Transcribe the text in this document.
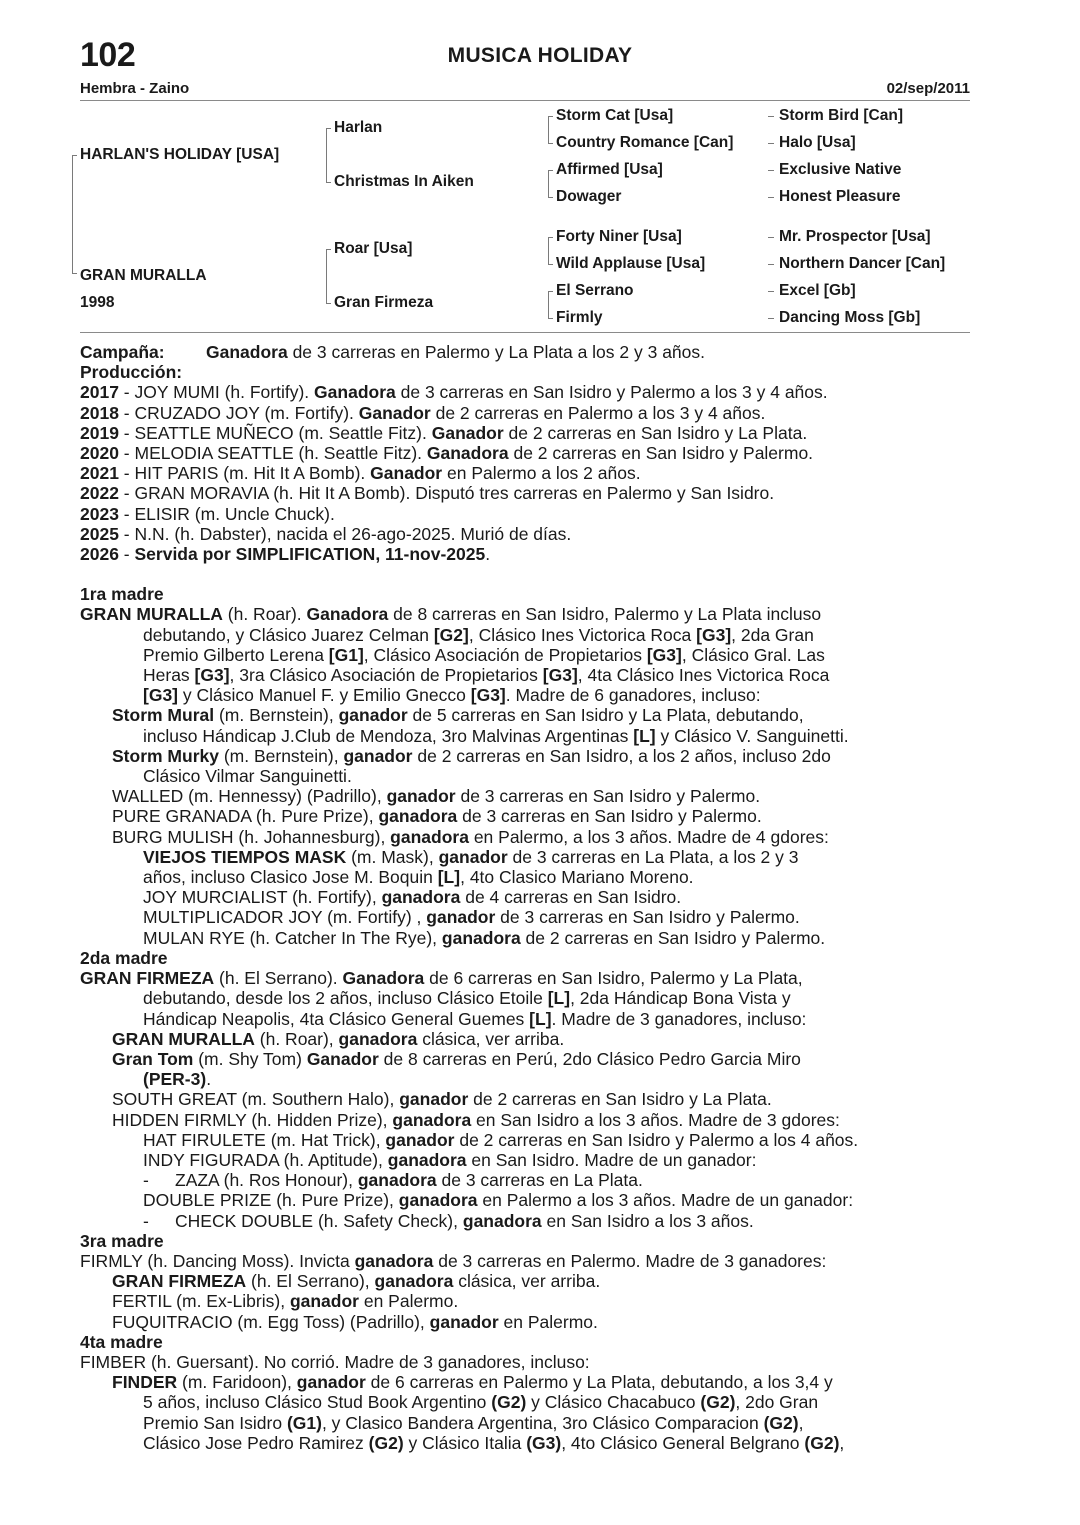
102	MUSICA HOLIDAY
Hembra - Zaino	02/sep/2011
HARLAN'S HOLIDAY [USA]
GRAN MURALLA
1998
Harlan
Christmas In Aiken
Roar [Usa]
Gran Firmeza
Storm Cat [Usa]
Country Romance [Can]
Affirmed [Usa]
Dowager
Forty Niner [Usa]
Wild Applause [Usa]
El Serrano
Firmly
Storm Bird [Can]
Halo [Usa]
Exclusive Native
Honest Pleasure
Mr. Prospector [Usa]
Northern Dancer [Can]
Excel [Gb]
Dancing Moss [Gb]
Campaña: Ganadora de 3 carreras en Palermo y La Plata a los 2 y 3 años.
Producción:
2017 - JOY MUMI (h. Fortify). Ganadora de 3 carreras en San Isidro y Palermo a los 3 y 4 años.
2018 - CRUZADO JOY (m. Fortify). Ganador de 2 carreras en Palermo a los 3 y 4 años.
2019 - SEATTLE MUÑECO (m. Seattle Fitz). Ganador de 2 carreras en San Isidro y La Plata.
2020 - MELODIA SEATTLE (h. Seattle Fitz). Ganadora de 2 carreras en San Isidro y Palermo.
2021 - HIT PARIS (m. Hit It A Bomb). Ganador en Palermo a los 2 años.
2022 - GRAN MORAVIA (h. Hit It A Bomb). Disputó tres carreras en Palermo y San Isidro.
2023 - ELISIR (m. Uncle Chuck).
2025 - N.N. (h. Dabster), nacida el 26-ago-2025. Murió de días.
2026 - Servida por SIMPLIFICATION, 11-nov-2025.
1ra madre
GRAN MURALLA (h. Roar). Ganadora de 8 carreras en San Isidro, Palermo y La Plata incluso
debutando, y Clásico Juarez Celman [G2], Clásico Ines Victorica Roca [G3], 2da Gran
Premio Gilberto Lerena [G1], Clásico Asociación de Propietarios [G3], Clásico Gral. Las
Heras [G3], 3ra Clásico Asociación de Propietarios [G3], 4ta Clásico Ines Victorica Roca
[G3] y Clásico Manuel F. y Emilio Gnecco [G3]. Madre de 6 ganadores, incluso:
Storm Mural (m. Bernstein), ganador de 5 carreras en San Isidro y La Plata, debutando,
incluso Hándicap J.Club de Mendoza, 3ro Malvinas Argentinas [L] y Clásico V. Sanguinetti.
Storm Murky (m. Bernstein), ganador de 2 carreras en San Isidro, a los 2 años, incluso 2do
Clásico Vilmar Sanguinetti.
WALLED (m. Hennessy) (Padrillo), ganador de 3 carreras en San Isidro y Palermo.
PURE GRANADA (h. Pure Prize), ganadora de 3 carreras en San Isidro y Palermo.
BURG MULISH (h. Johannesburg), ganadora en Palermo, a los 3 años. Madre de 4 gdores:
VIEJOS TIEMPOS MASK (m. Mask), ganador de 3 carreras en La Plata, a los 2 y 3
años, incluso Clasico Jose M. Boquin [L], 4to Clasico Mariano Moreno.
JOY MURCIALIST (h. Fortify), ganadora de 4 carreras en San Isidro.
MULTIPLICADOR JOY (m. Fortify) , ganador de 3 carreras en San Isidro y Palermo.
MULAN RYE (h. Catcher In The Rye), ganadora de 2 carreras en San Isidro y Palermo.
2da madre
GRAN FIRMEZA (h. El Serrano). Ganadora de 6 carreras en San Isidro, Palermo y La Plata,
debutando, desde los 2 años, incluso Clásico Etoile [L], 2da Hándicap Bona Vista y
Hándicap Neapolis, 4ta Clásico General Guemes [L]. Madre de 3 ganadores, incluso:
GRAN MURALLA (h. Roar), ganadora clásica, ver arriba.
Gran Tom (m. Shy Tom) Ganador de 8 carreras en Perú, 2do Clásico Pedro Garcia Miro
(PER-3).
SOUTH GREAT (m. Southern Halo), ganador de 2 carreras en San Isidro y La Plata.
HIDDEN FIRMLY (h. Hidden Prize), ganadora en San Isidro a los 3 años. Madre de 3 gdores:
HAT FIRULETE (m. Hat Trick), ganador de 2 carreras en San Isidro y Palermo a los 4 años.
INDY FIGURADA (h. Aptitude), ganadora en San Isidro. Madre de un ganador:
- ZAZA (h. Ros Honour), ganadora de 3 carreras en La Plata.
DOUBLE PRIZE (h. Pure Prize), ganadora en Palermo a los 3 años. Madre de un ganador:
- CHECK DOUBLE (h. Safety Check), ganadora en San Isidro a los 3 años.
3ra madre
FIRMLY (h. Dancing Moss). Invicta ganadora de 3 carreras en Palermo. Madre de 3 ganadores:
GRAN FIRMEZA (h. El Serrano), ganadora clásica, ver arriba.
FERTIL (m. Ex-Libris), ganador en Palermo.
FUQUITRACIO (m. Egg Toss) (Padrillo), ganador en Palermo.
4ta madre
FIMBER (h. Guersant). No corrió. Madre de 3 ganadores, incluso:
FINDER (m. Faridoon), ganador de 6 carreras en Palermo y La Plata, debutando, a los 3,4 y
5 años, incluso Clásico Stud Book Argentino (G2) y Clásico Chacabuco (G2), 2do Gran
Premio San Isidro (G1), y Clasico Bandera Argentina, 3ro Clásico Comparacion (G2),
Clásico Jose Pedro Ramirez (G2) y Clásico Italia (G3), 4to Clásico General Belgrano (G2),
